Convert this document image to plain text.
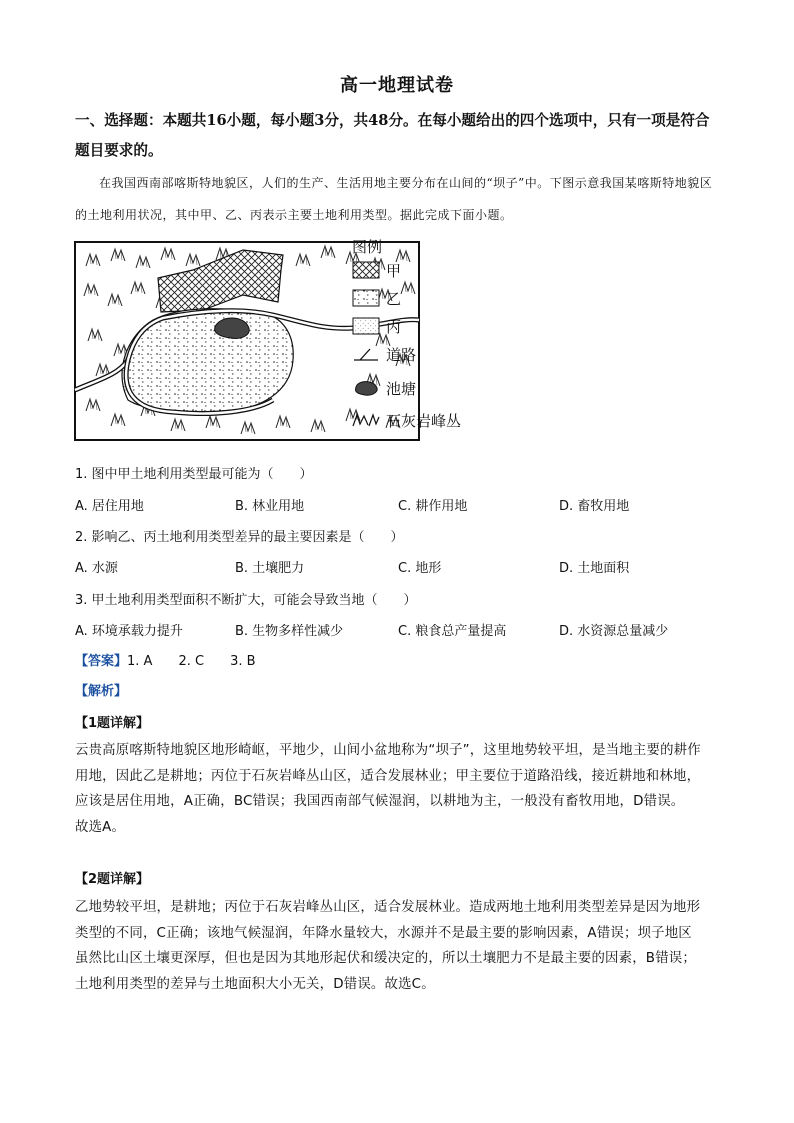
高一地理试卷
一、选择题：本题共16小题，每小题3分，共48分。在每小题给出的四个选项中，只有一项是符合题目要求的。
在我国西南部喀斯特地貌区，人们的生产、生活用地主要分布在山间的“坝子”中。下图示意我国某喀斯特地貌区的土地利用状况，其中甲、乙、丙表示主要土地利用类型。据此完成下面小题。
图例
甲
乙
丙
道路
池塘
石灰岩峰丛
1. 图中甲土地利用类型最可能为（　　）
A. 居住用地	B. 林业用地	C. 耕作用地	D. 畜牧用地
2. 影响乙、丙土地利用类型差异的最主要因素是（　　）
A. 水源	B. 土壤肥力	C. 地形	D. 土地面积
3. 甲土地利用类型面积不断扩大，可能会导致当地（　　）
A. 环境承载力提升	B. 生物多样性减少	C. 粮食总产量提高	D. 水资源总量减少
【答案】1. A 2. C 3. B
【解析】
【1题详解】
云贵高原喀斯特地貌区地形崎岖，平地少，山间小盆地称为“坝子”，这里地势较平坦，是当地主要的耕作
用地，因此乙是耕地；丙位于石灰岩峰丛山区，适合发展林业；甲主要位于道路沿线，接近耕地和林地，
应该是居住用地，A正确，BC错误；我国西南部气候湿润，以耕地为主，一般没有畜牧用地，D错误。
故选A。
【2题详解】
乙地势较平坦，是耕地；丙位于石灰岩峰丛山区，适合发展林业。造成两地土地利用类型差异是因为地形
类型的不同，C正确；该地气候湿润，年降水量较大，水源并不是最主要的影响因素，A错误；坝子地区
虽然比山区土壤更深厚，但也是因为其地形起伏和缓决定的，所以土壤肥力不是最主要的因素，B错误；
土地利用类型的差异与土地面积大小无关，D错误。故选C。
